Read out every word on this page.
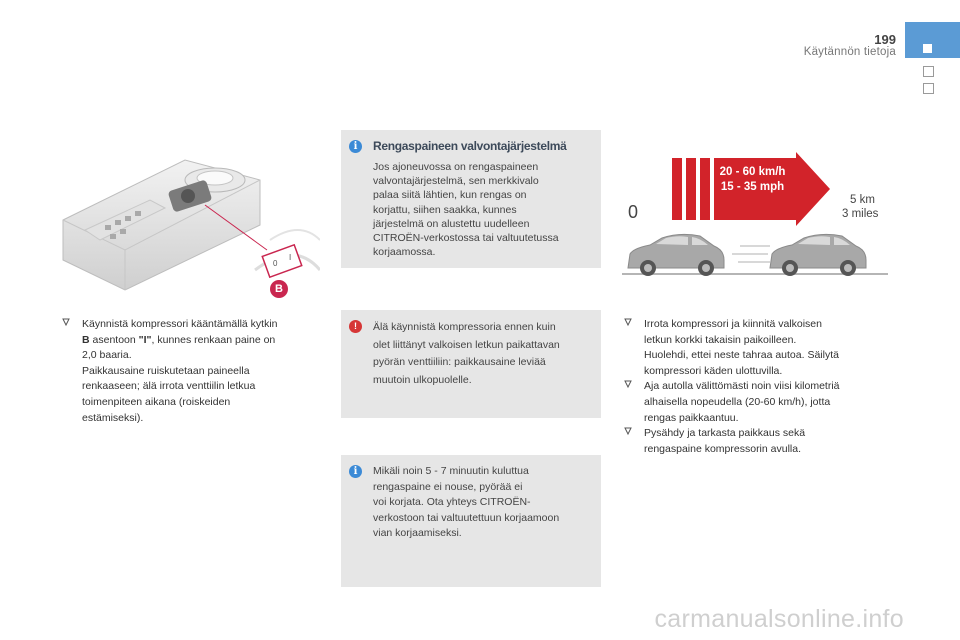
199
Käytännön tietoja
0
I
B
Käynnistä kompressori kääntämällä kytkin
B asentoon "I", kunnes renkaan paine on
2,0 baaria.
Paikkausaine ruiskutetaan paineella
renkaaseen; älä irrota venttiilin letkua
toimenpiteen aikana (roiskeiden
estämiseksi).
i	Rengaspaineen valvontajärjestelmä
Jos ajoneuvossa on rengaspaineen
valvontajärjestelmä, sen merkkivalo
palaa siitä lähtien, kun rengas on
korjattu, siihen saakka, kunnes
järjestelmä on alustettu uudelleen
CITROËN-verkostossa tai valtuutetussa
korjaamossa.
!	Älä käynnistä kompressoria ennen kuin
olet liittänyt valkoisen letkun paikattavan
pyörän venttiiliin: paikkausaine leviää
muutoin ulkopuolelle.
i	Mikäli noin 5 - 7 minuutin kuluttua
rengaspaine ei nouse, pyörää ei
voi korjata. Ota yhteys CITROËN-
verkostoon tai valtuutettuun korjaamoon
vian korjaamiseksi.
0
20 - 60 km/h
15 - 35 mph
5 km
3 miles
Irrota kompressori ja kiinnitä valkoisen
letkun korkki takaisin paikoilleen.
Huolehdi, ettei neste tahraa autoa. Säilytä
kompressori käden ulottuvilla.
Aja autolla välittömästi noin viisi kilometriä
alhaisella nopeudella (20-60 km/h), jotta
rengas paikkaantuu.
Pysähdy ja tarkasta paikkaus sekä
rengaspaine kompressorin avulla.
carmanualsonline.info
